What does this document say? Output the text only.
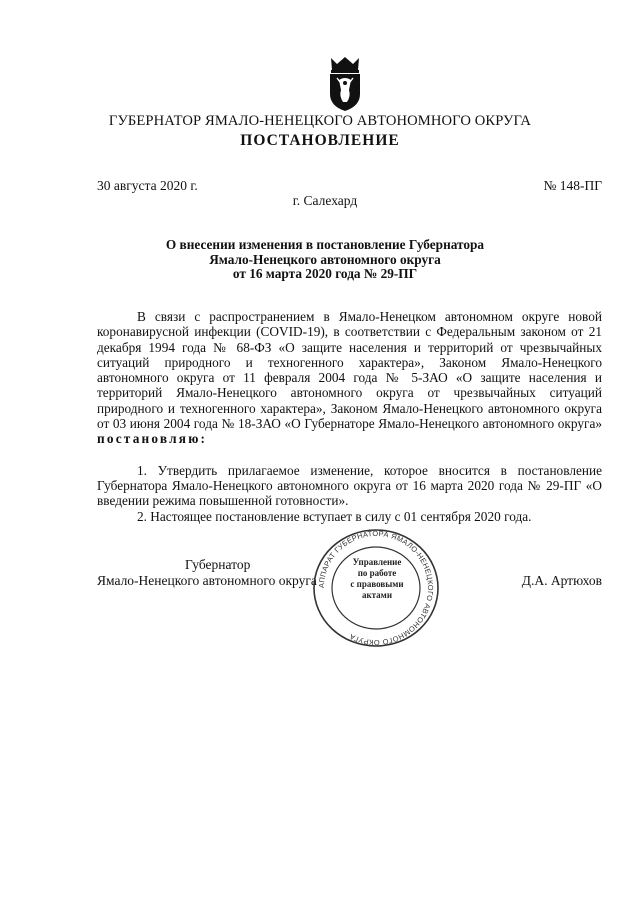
ГУБЕРНАТОР ЯМАЛО-НЕНЕЦКОГО АВТОНОМНОГО ОКРУГА
ПОСТАНОВЛЕНИЕ
30 августа 2020 г.	№ 148-ПГ
г. Салехард
О внесении изменения в постановление Губернатора
Ямало-Ненецкого автономного округа
от 16 марта 2020 года № 29-ПГ

В связи с распространением в Ямало-Ненецком автономном округе новой коронавирусной инфекции (COVID-19), в соответствии с Федеральным законом от 21 декабря 1994 года № 68-ФЗ «О защите населения и территорий от чрезвычайных ситуаций природного и техногенного характера», Законом Ямало-Ненецкого автономного округа от 11 февраля 2004 года № 5-ЗАО «О защите населения и территорий Ямало-Ненецкого автономного округа от чрезвычайных ситуаций природного и техногенного характера», Законом Ямало-Ненецкого автономного округа от 03 июня 2004 года № 18-ЗАО «О Губернаторе Ямало-Ненецкого автономного округа» постановляю:

1. Утвердить прилагаемое изменение, которое вносится в постановление Губернатора Ямало-Ненецкого автономного округа от 16 марта 2020 года № 29-ПГ «О введении режима повышенной готовности».

2. Настоящее постановление вступает в силу с 01 сентября 2020 года.

Губернатор
Ямало-Ненецкого автономного округа	Д.А. Артюхов
АППАРАТ ГУБЕРНАТОРА ЯМАЛО-НЕНЕЦКОГО АВТОНОМНОГО ОКРУГА
Управление
по работе
с правовыми
актами
